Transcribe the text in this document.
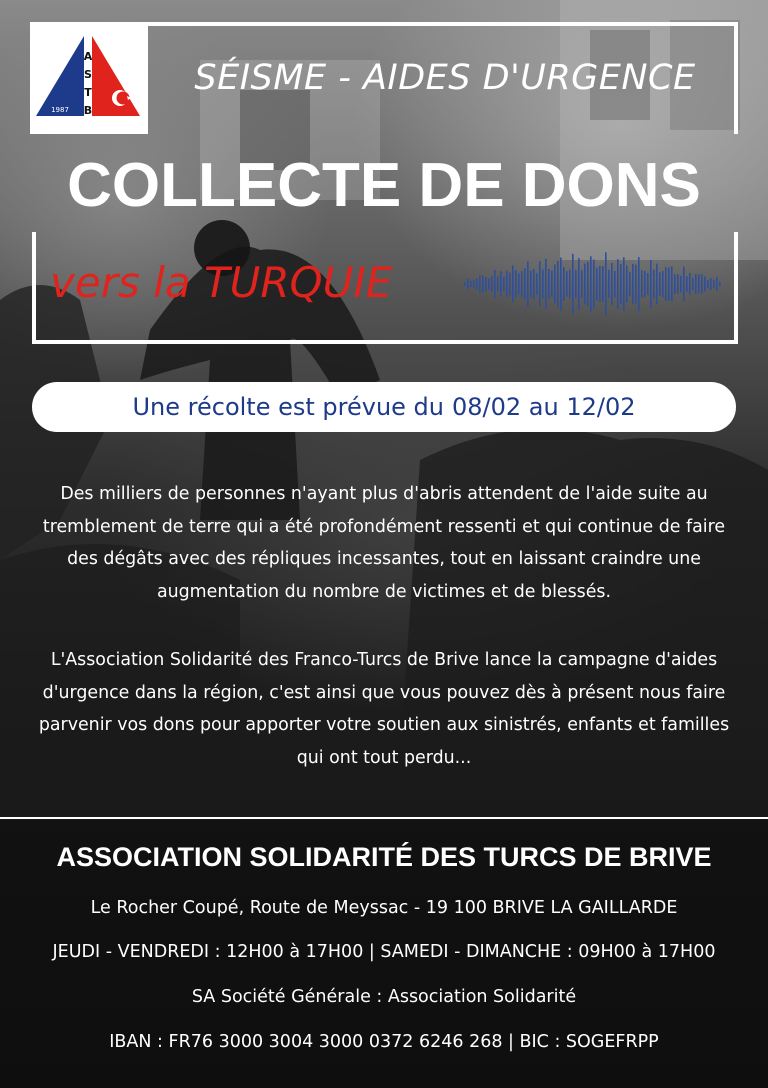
A
S
T
B
1987
SÉISME - AIDES D'URGENCE
COLLECTE DE DONS
vers la TURQUIE
Une récolte est prévue du 08/02 au 12/02
Des milliers de personnes n'ayant plus d'abris attendent de l'aide suite au tremblement de terre qui a été profondément ressenti et qui continue de faire des dégâts avec des répliques incessantes, tout en laissant craindre une augmentation du nombre de victimes et de blessés.
L'Association Solidarité des Franco-Turcs de Brive lance la campagne d'aides d'urgence dans la région, c'est ainsi que vous pouvez dès à présent nous faire parvenir vos dons pour apporter votre soutien aux sinistrés, enfants et familles qui ont tout perdu...
ASSOCIATION SOLIDARITÉ DES TURCS DE BRIVE
Le Rocher Coupé, Route de Meyssac - 19 100 BRIVE LA GAILLARDE
JEUDI - VENDREDI : 12H00 à 17H00 | SAMEDI - DIMANCHE : 09H00 à 17H00
SA Société Générale : Association Solidarité
IBAN : FR76 3000 3004 3000 0372 6246 268 | BIC : SOGEFRPP
